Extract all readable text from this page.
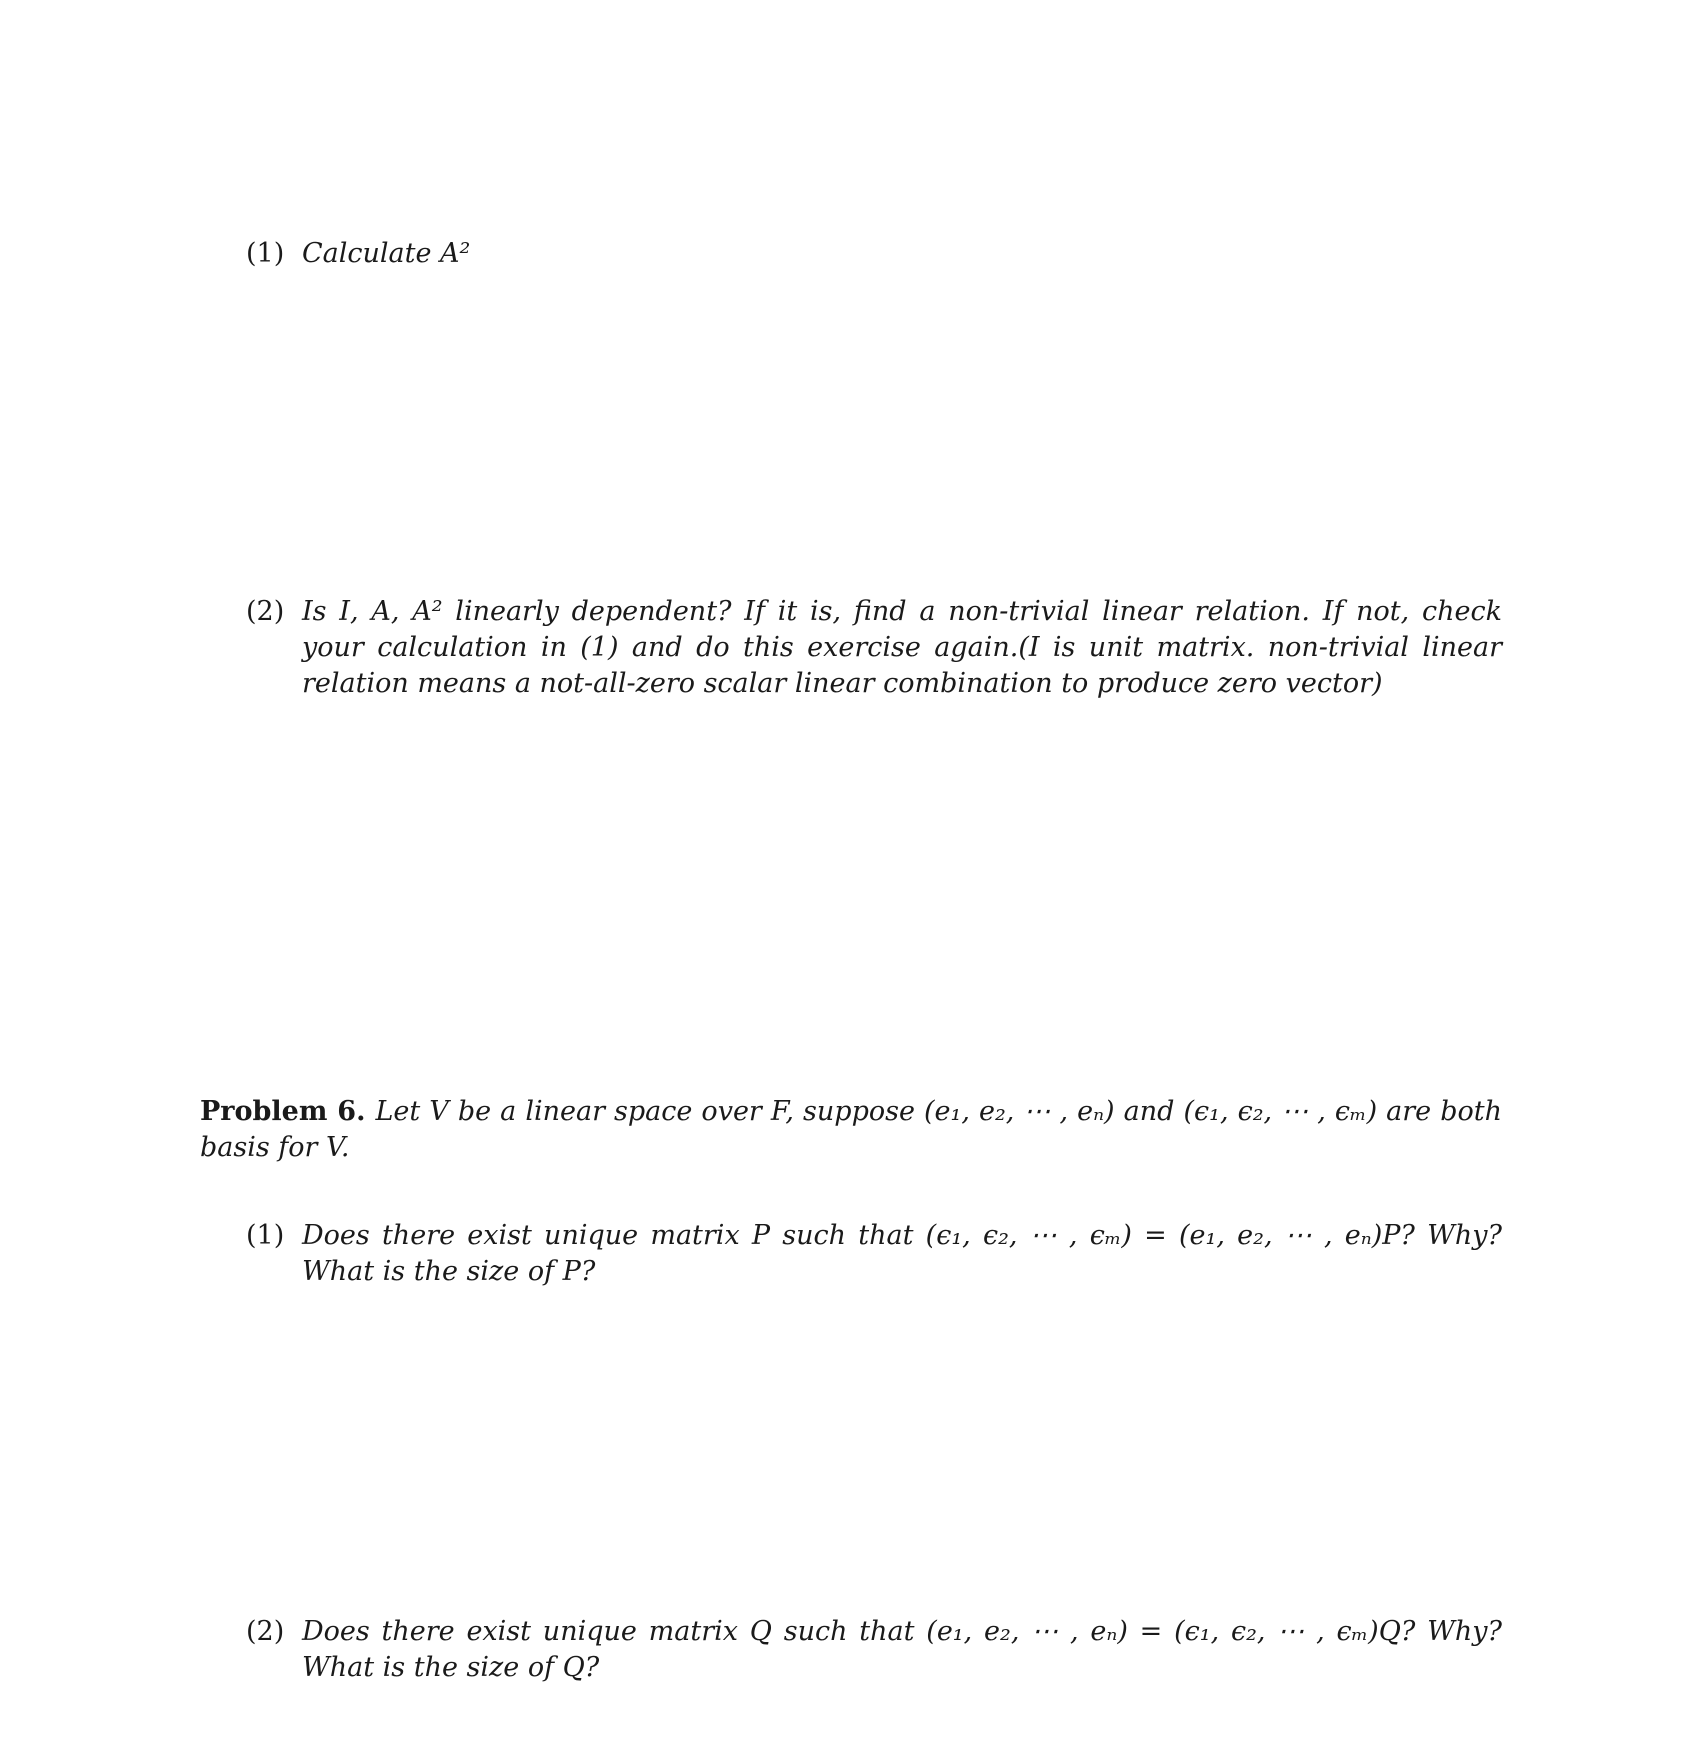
(1) Calculate A²
(2) Is I, A, A² linearly dependent? If it is, find a non-trivial linear relation. If not, check your calculation in (1) and do this exercise again.(I is unit matrix. non-trivial linear relation means a not-all-zero scalar linear combination to produce zero vector)
Problem 6. Let V be a linear space over F, suppose (e₁, e₂, ⋯ , eₙ) and (ϵ₁, ϵ₂, ⋯ , ϵₘ) are both basis for V.
(1) Does there exist unique matrix P such that (ϵ₁, ϵ₂, ⋯ , ϵₘ) = (e₁, e₂, ⋯ , eₙ)P? Why? What is the size of P?
(2) Does there exist unique matrix Q such that (e₁, e₂, ⋯ , eₙ) = (ϵ₁, ϵ₂, ⋯ , ϵₘ)Q? Why? What is the size of Q?
